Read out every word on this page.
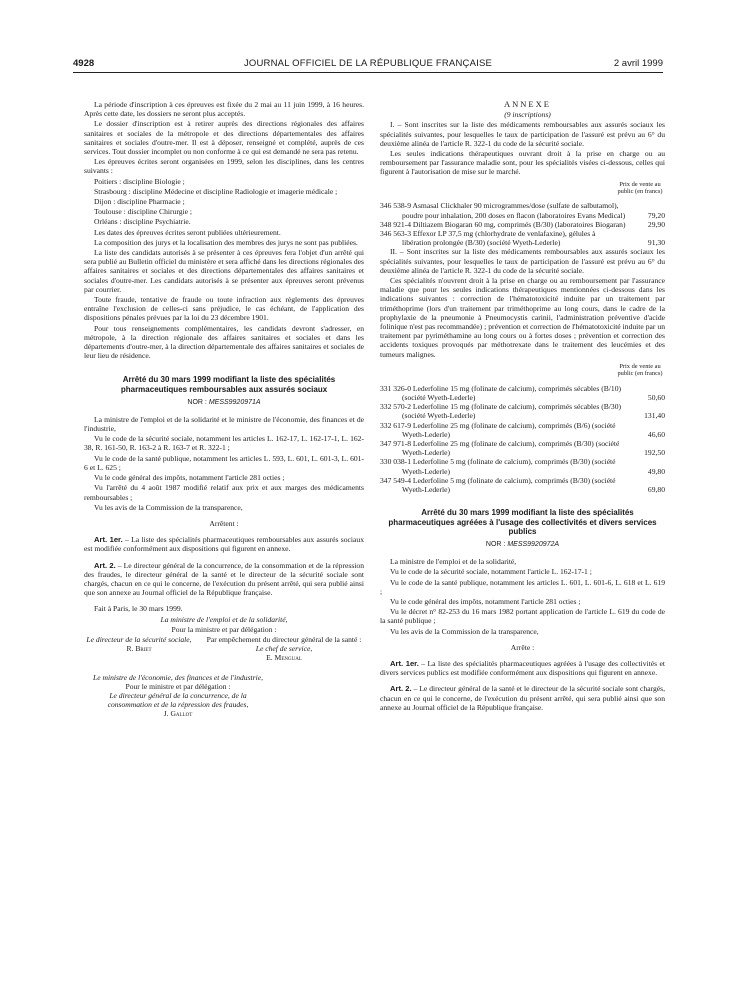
4928	JOURNAL OFFICIEL DE LA RÉPUBLIQUE FRANÇAISE	2 avril 1999

La période d'inscription à ces épreuves est fixée du 2 mai au 11 juin 1999, à 16 heures. Après cette date, les dossiers ne seront plus acceptés.

Le dossier d'inscription est à retirer auprès des directions régionales des affaires sanitaires et sociales de la métropole et des directions départementales des affaires sanitaires et sociales d'outre-mer. Il est à déposer, renseigné et complété, auprès de ces services. Tout dossier incomplet ou non conforme à ce qui est demandé ne sera pas retenu.

Les épreuves écrites seront organisées en 1999, selon les disciplines, dans les centres suivants :

Poitiers : discipline Biologie ;

Strasbourg : discipline Médecine et discipline Radiologie et imagerie médicale ;

Dijon : discipline Pharmacie ;

Toulouse : discipline Chirurgie ;

Orléans : discipline Psychiatrie.

Les dates des épreuves écrites seront publiées ultérieurement.

La composition des jurys et la localisation des membres des jurys ne sont pas publiées.

La liste des candidats autorisés à se présenter à ces épreuves fera l'objet d'un arrêté qui sera publié au Bulletin officiel du ministère et sera affiché dans les directions régionales des affaires sanitaires et sociales et des directions départementales des affaires sanitaires et sociales d'outre-mer. Les candidats autorisés à se présenter aux épreuves seront prévenus par courrier.

Toute fraude, tentative de fraude ou toute infraction aux règlements des épreuves entraîne l'exclusion de celles-ci sans préjudice, le cas échéant, de l'application des dispositions pénales prévues par la loi du 23 décembre 1901.

Pour tous renseignements complémentaires, les candidats devront s'adresser, en métropole, à la direction régionale des affaires sanitaires et sociales et dans les départements d'outre-mer, à la direction départementale des affaires sanitaires et sociales de leur lieu de résidence.

Arrêté du 30 mars 1999 modifiant la liste des spécialités pharmaceutiques remboursables aux assurés sociaux

NOR : MESS9920971A

La ministre de l'emploi et de la solidarité et le ministre de l'économie, des finances et de l'industrie,

Vu le code de la sécurité sociale, notamment les articles L. 162-17, L. 162-17-1, L. 162-38, R. 161-50, R. 163-2 à R. 163-7 et R. 322-1 ;

Vu le code de la santé publique, notamment les articles L. 593, L. 601, L. 601-3, L. 601-6 et L. 625 ;

Vu le code général des impôts, notamment l'article 281 octies ;

Vu l'arrêté du 4 août 1987 modifié relatif aux prix et aux marges des médicaments remboursables ;

Vu les avis de la Commission de la transparence,

Arrêtent :

Art. 1er. – La liste des spécialités pharmaceutiques remboursables aux assurés sociaux est modifiée conformément aux dispositions qui figurent en annexe.

Art. 2. – Le directeur général de la concurrence, de la consommation et de la répression des fraudes, le directeur général de la santé et le directeur de la sécurité sociale sont chargés, chacun en ce qui le concerne, de l'exécution du présent arrêté, qui sera publié ainsi que son annexe au Journal officiel de la République française.

Fait à Paris, le 30 mars 1999.

La ministre de l'emploi et de la solidarité,

Pour la ministre et par délégation :

Le directeur de la sécurité sociale,
R. Briet
Par empêchement du directeur général de la santé :
Le chef de service,
E. Mengual
Le ministre de l'économie, des finances et de l'industrie,
Pour le ministre et par délégation :
Le directeur général de la concurrence, de la consommation et de la répression des fraudes,
J. Gallot

ANNEXE

(9 inscriptions)

I. – Sont inscrites sur la liste des médicaments remboursables aux assurés sociaux les spécialités suivantes, pour lesquelles le taux de participation de l'assuré est prévu au 6° du deuxième alinéa de l'article R. 322-1 du code de la sécurité sociale.

Les seules indications thérapeutiques ouvrant droit à la prise en charge ou au remboursement par l'assurance maladie sont, pour les spécialités visées ci-dessous, celles qui figurent à l'autorisation de mise sur le marché.

Prix de vente au public (en francs)
346 538-9 Asmasal Clickhaler 90 microgrammes/dose (sulfate de salbutamol), poudre pour inhalation, 200 doses en flacon (laboratoires Evans Medical)	79,20
348 921-4 Diltiazem Biogaran 60 mg, comprimés (B/30) (laboratoires Biogaran)	29,90
346 563-3 Effexor LP 37,5 mg (chlorhydrate de venlafaxine), gélules à libération prolongée (B/30) (société Wyeth-Lederle)	91,30

II. – Sont inscrites sur la liste des médicaments remboursables aux assurés sociaux les spécialités suivantes, pour lesquelles le taux de participation de l'assuré est prévu au 6° du deuxième alinéa de l'article R. 322-1 du code de la sécurité sociale.

Ces spécialités n'ouvrent droit à la prise en charge ou au remboursement par l'assurance maladie que pour les seules indications thérapeutiques mentionnées ci-dessous dans les indications suivantes : correction de l'hématotoxicité induite par un traitement par triméthoprime (lors d'un traitement par triméthoprime au long cours, dans le cadre de la prophylaxie de la pneumonie à Pneumocystis carinii, l'administration préventive d'acide folinique n'est pas recommandée) ; prévention et correction de l'hématotoxicité induite par un traitement par pyriméthamine au long cours ou à fortes doses ; prévention et correction des accidents toxiques provoqués par méthotrexate dans le traitement des leucémies et des tumeurs malignes.

Prix de vente au public (en francs)
331 326-0 Lederfoline 15 mg (folinate de calcium), comprimés sécables (B/10) (société Wyeth-Lederle)	50,60
332 570-2 Lederfoline 15 mg (folinate de calcium), comprimés sécables (B/30) (société Wyeth-Lederle)	131,40
332 617-9 Lederfoline 25 mg (folinate de calcium), comprimés (B/6) (société Wyeth-Lederle)	46,60
347 971-8 Lederfoline 25 mg (folinate de calcium), comprimés (B/30) (société Wyeth-Lederle)	192,50
330 038-1 Lederfoline 5 mg (folinate de calcium), comprimés (B/30) (société Wyeth-Lederle)	49,80
347 549-4 Lederfoline 5 mg (folinate de calcium), comprimés (B/30) (société Wyeth-Lederle)	69,80

Arrêté du 30 mars 1999 modifiant la liste des spécialités pharmaceutiques agréées à l'usage des collectivités et divers services publics

NOR : MESS9920972A

La ministre de l'emploi et de la solidarité,

Vu le code de la sécurité sociale, notamment l'article L. 162-17-1 ;

Vu le code de la santé publique, notamment les articles L. 601, L. 601-6, L. 618 et L. 619 ;

Vu le code général des impôts, notamment l'article 281 octies ;

Vu le décret n° 82-253 du 16 mars 1982 portant application de l'article L. 619 du code de la santé publique ;

Vu les avis de la Commission de la transparence,

Arrête :

Art. 1er. – La liste des spécialités pharmaceutiques agréées à l'usage des collectivités et divers services publics est modifiée conformément aux dispositions qui figurent en annexe.

Art. 2. – Le directeur général de la santé et le directeur de la sécurité sociale sont chargés, chacun en ce qui le concerne, de l'exécution du présent arrêté, qui sera publié ainsi que son annexe au Journal officiel de la République française.
